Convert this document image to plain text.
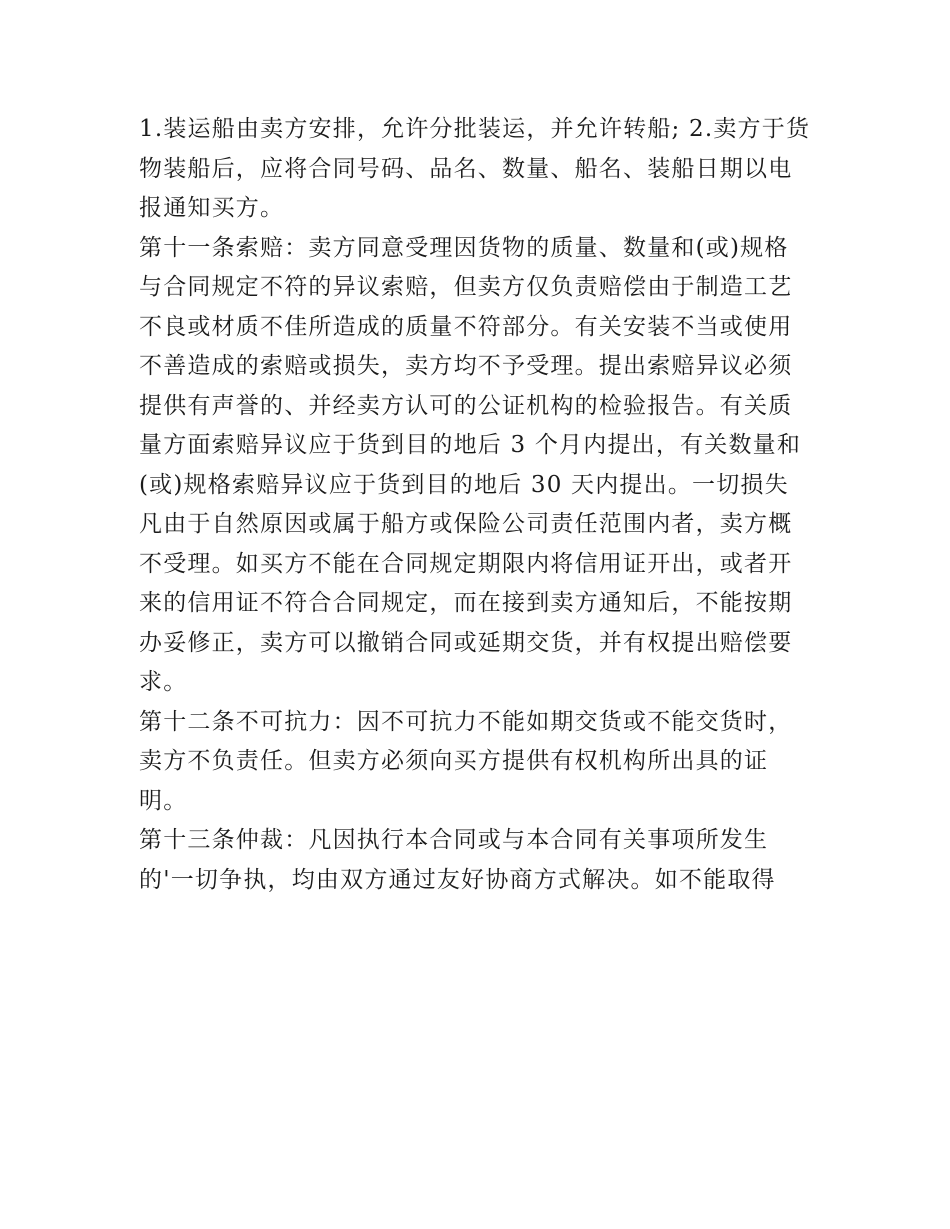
1.装运船由卖方安排，允许分批装运，并允许转船; 2.卖方于货
物装船后，应将合同号码、品名、数量、船名、装船日期以电
报通知买方。
第十一条索赔：卖方同意受理因货物的质量、数量和(或)规格
与合同规定不符的异议索赔，但卖方仅负责赔偿由于制造工艺
不良或材质不佳所造成的质量不符部分。有关安装不当或使用
不善造成的索赔或损失，卖方均不予受理。提出索赔异议必须
提供有声誉的、并经卖方认可的公证机构的检验报告。有关质
量方面索赔异议应于货到目的地后 3 个月内提出，有关数量和
(或)规格索赔异议应于货到目的地后 30 天内提出。一切损失
凡由于自然原因或属于船方或保险公司责任范围内者，卖方概
不受理。如买方不能在合同规定期限内将信用证开出，或者开
来的信用证不符合合同规定，而在接到卖方通知后，不能按期
办妥修正，卖方可以撤销合同或延期交货，并有权提出赔偿要
求。
第十二条不可抗力：因不可抗力不能如期交货或不能交货时，
卖方不负责任。但卖方必须向买方提供有权机构所出具的证
明。
第十三条仲裁：凡因执行本合同或与本合同有关事项所发生
的'一切争执，均由双方通过友好协商方式解决。如不能取得
